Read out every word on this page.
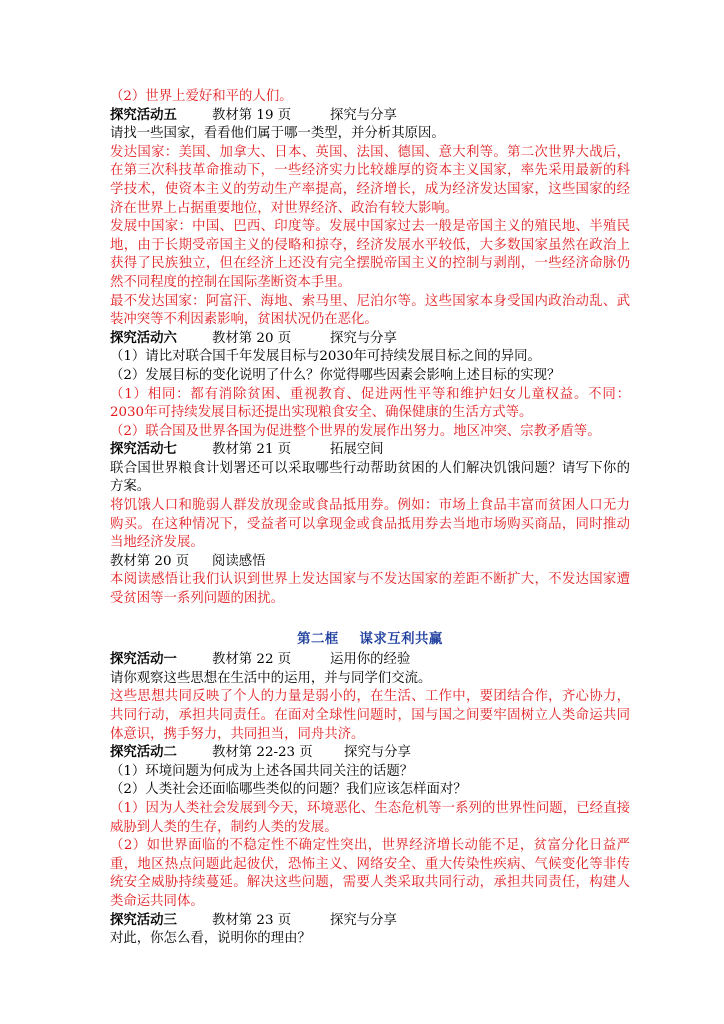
（2）世界上爱好和平的人们。

探究活动五	教材第 19 页	探究与分享

请找一些国家，看看他们属于哪一类型，并分析其原因。

发达国家：美国、加拿大、日本、英国、法国、德国、意大利等。第二次世界大战后，在第三次科技革命推动下，一些经济实力比较雄厚的资本主义国家，率先采用最新的科学技术，使资本主义的劳动生产率提高，经济增长，成为经济发达国家，这些国家的经济在世界上占据重要地位，对世界经济、政治有较大影响。

发展中国家：中国、巴西、印度等。发展中国家过去一般是帝国主义的殖民地、半殖民地，由于长期受帝国主义的侵略和掠夺，经济发展水平较低，大多数国家虽然在政治上获得了民族独立，但在经济上还没有完全摆脱帝国主义的控制与剥削，一些经济命脉仍然不同程度的控制在国际垄断资本手里。

最不发达国家：阿富汗、海地、索马里、尼泊尔等。这些国家本身受国内政治动乱、武装冲突等不利因素影响，贫困状况仍在恶化。

探究活动六	教材第 20 页	探究与分享

（1）请比对联合国千年发展目标与2030年可持续发展目标之间的异同。

（2）发展目标的变化说明了什么？你觉得哪些因素会影响上述目标的实现？

（1）相同：都有消除贫困、重视教育、促进两性平等和维护妇女儿童权益。不同：2030年可持续发展目标还提出实现粮食安全、确保健康的生活方式等。

（2）联合国及世界各国为促进整个世界的发展作出努力。地区冲突、宗教矛盾等。

探究活动七	教材第 21 页	拓展空间

联合国世界粮食计划署还可以采取哪些行动帮助贫困的人们解决饥饿问题？请写下你的方案。

将饥饿人口和脆弱人群发放现金或食品抵用券。例如：市场上食品丰富而贫困人口无力购买。在这种情况下，受益者可以拿现金或食品抵用券去当地市场购买商品，同时推动当地经济发展。

教材第 20 页	阅读感悟

本阅读感悟让我们认识到世界上发达国家与不发达国家的差距不断扩大，不发达国家遭受贫困等一系列问题的困扰。

第二框    谋求互利共赢
探究活动一	教材第 22 页	运用你的经验

请你观察这些思想在生活中的运用，并与同学们交流。

这些思想共同反映了个人的力量是弱小的，在生活、工作中，要团结合作，齐心协力，共同行动，承担共同责任。在面对全球性问题时，国与国之间要牢固树立人类命运共同体意识，携手努力，共同担当，同舟共济。

探究活动二	教材第 22-23 页	探究与分享

（1）环境问题为何成为上述各国共同关注的话题？

（2）人类社会还面临哪些类似的问题？我们应该怎样面对？

（1）因为人类社会发展到今天，环境恶化、生态危机等一系列的世界性问题，已经直接威胁到人类的生存，制约人类的发展。

（2）如世界面临的不稳定性不确定性突出，世界经济增长动能不足，贫富分化日益严重，地区热点问题此起彼伏，恐怖主义、网络安全、重大传染性疾病、气候变化等非传统安全威胁持续蔓延。解决这些问题，需要人类采取共同行动，承担共同责任，构建人类命运共同体。

探究活动三	教材第 23 页	探究与分享

对此，你怎么看，说明你的理由？
